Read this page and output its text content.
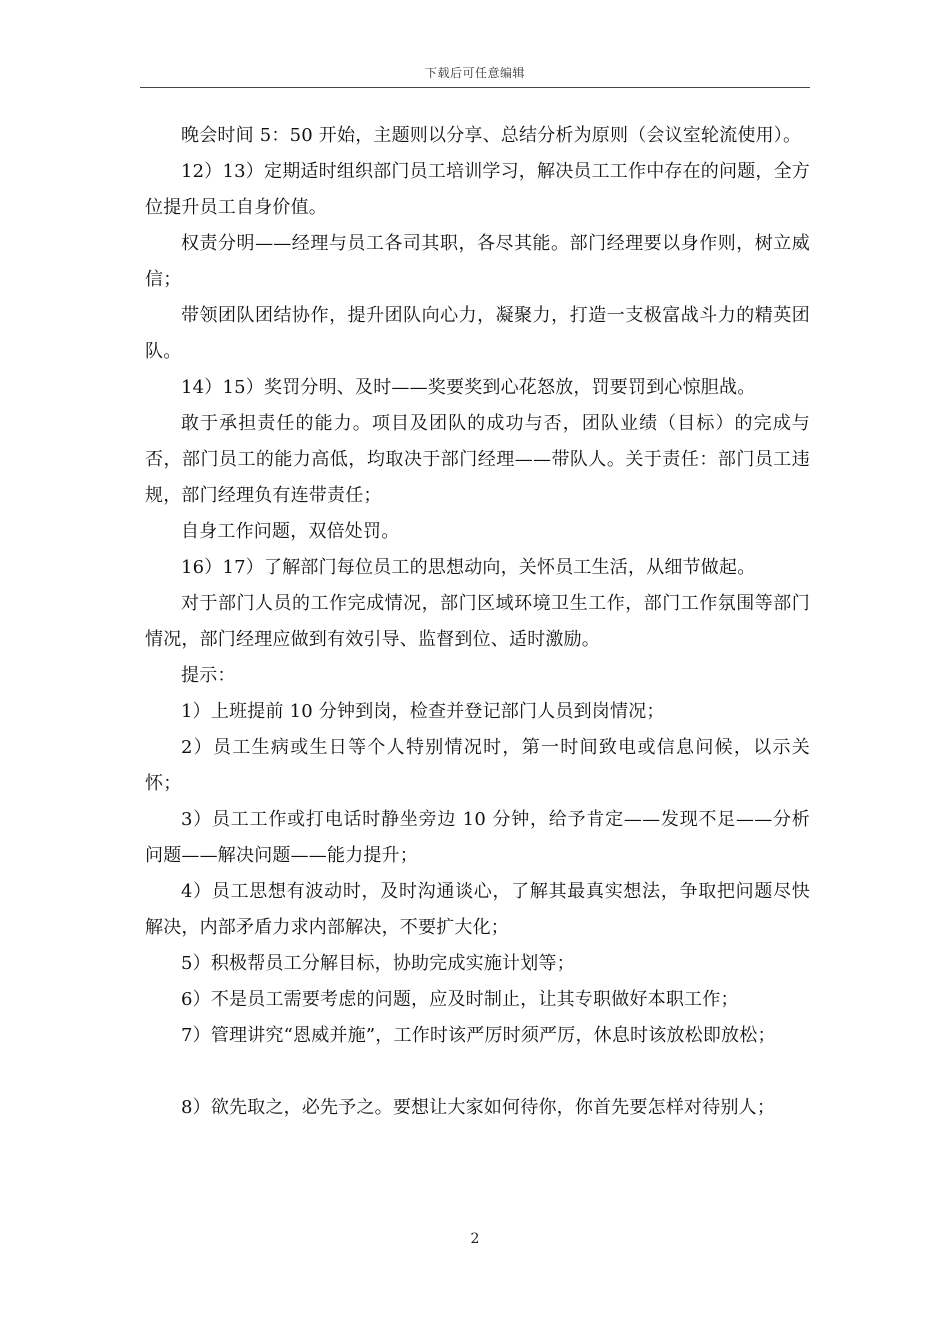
下载后可任意编辑

晚会时间 5：50 开始，主题则以分享、总结分析为原则（会议室轮流使用）。

12）13）定期适时组织部门员工培训学习，解决员工工作中存在的问题，全方位提升员工自身价值。

权责分明——经理与员工各司其职，各尽其能。部门经理要以身作则，树立威信；

带领团队团结协作，提升团队向心力，凝聚力，打造一支极富战斗力的精英团队。

14）15）奖罚分明、及时——奖要奖到心花怒放，罚要罚到心惊胆战。

敢于承担责任的能力。项目及团队的成功与否，团队业绩（目标）的完成与否，部门员工的能力高低，均取决于部门经理——带队人。关于责任：部门员工违规，部门经理负有连带责任；

自身工作问题，双倍处罚。

16）17）了解部门每位员工的思想动向，关怀员工生活，从细节做起。

对于部门人员的工作完成情况，部门区域环境卫生工作，部门工作氛围等部门情况，部门经理应做到有效引导、监督到位、适时激励。

提示：

1）上班提前 10 分钟到岗，检查并登记部门人员到岗情况；

2）员工生病或生日等个人特别情况时，第一时间致电或信息问候，以示关怀；

3）员工工作或打电话时静坐旁边 10 分钟，给予肯定——发现不足——分析问题——解决问题——能力提升；

4）员工思想有波动时，及时沟通谈心，了解其最真实想法，争取把问题尽快解决，内部矛盾力求内部解决，不要扩大化；

5）积极帮员工分解目标，协助完成实施计划等；

6）不是员工需要考虑的问题，应及时制止，让其专职做好本职工作；

7）管理讲究“恩威并施”，工作时该严厉时须严厉，休息时该放松即放松；

8）欲先取之，必先予之。要想让大家如何待你，你首先要怎样对待别人；

2
